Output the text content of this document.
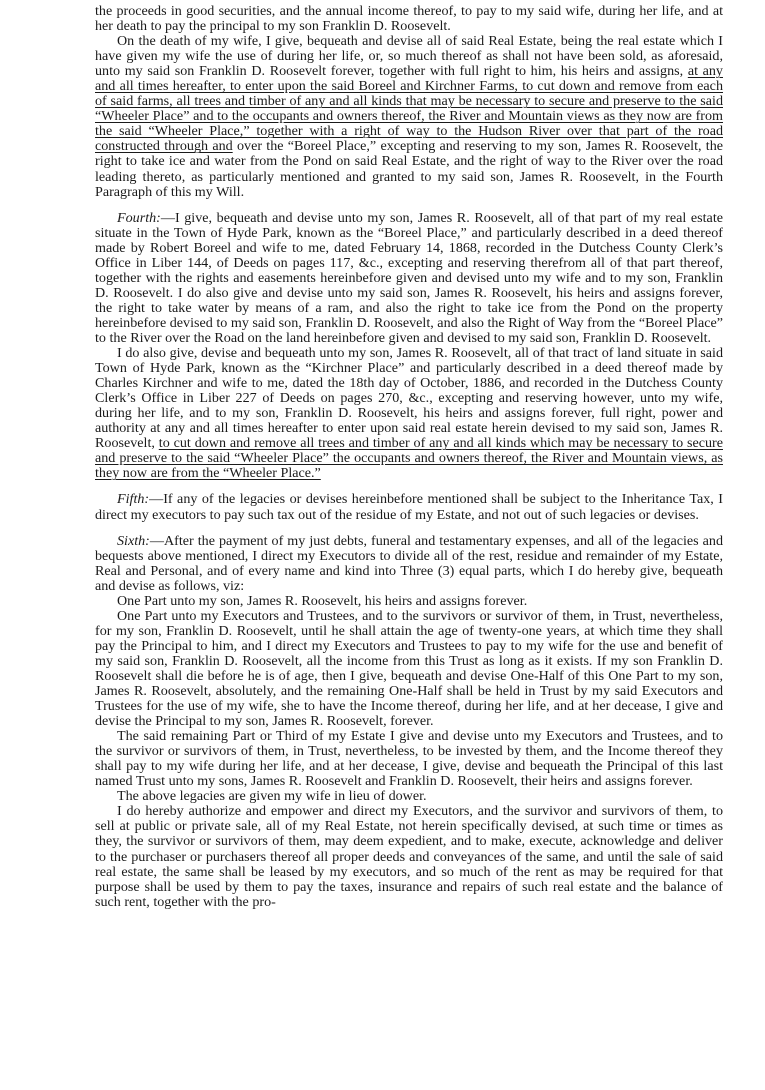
the proceeds in good securities, and the annual income thereof, to pay to my said wife, during her life, and at her death to pay the principal to my son Franklin D. Roosevelt.

On the death of my wife, I give, bequeath and devise all of said Real Estate, being the real estate which I have given my wife the use of during her life, or, so much thereof as shall not have been sold, as aforesaid, unto my said son Franklin D. Roosevelt forever, together with full right to him, his heirs and assigns, at any and all times hereafter, to enter upon the said Boreel and Kirchner Farms, to cut down and remove from each of said farms, all trees and timber of any and all kinds that may be necessary to secure and preserve to the said “Wheeler Place” and to the occupants and owners thereof, the River and Mountain views as they now are from the said “Wheeler Place,” together with a right of way to the Hudson River over that part of the road constructed through and over the “Boreel Place,” excepting and reserving to my son, James R. Roosevelt, the right to take ice and water from the Pond on said Real Estate, and the right of way to the River over the road leading thereto, as particularly mentioned and granted to my said son, James R. Roosevelt, in the Fourth Paragraph of this my Will.

Fourth:—I give, bequeath and devise unto my son, James R. Roosevelt, all of that part of my real estate situate in the Town of Hyde Park, known as the “Boreel Place,” and particularly described in a deed thereof made by Robert Boreel and wife to me, dated February 14, 1868, recorded in the Dutchess County Clerk’s Office in Liber 144, of Deeds on pages 117, &c., excepting and reserving therefrom all of that part thereof, together with the rights and easements hereinbefore given and devised unto my wife and to my son, Franklin D. Roosevelt. I do also give and devise unto my said son, James R. Roosevelt, his heirs and assigns forever, the right to take water by means of a ram, and also the right to take ice from the Pond on the property hereinbefore devised to my said son, Franklin D. Roosevelt, and also the Right of Way from the “Boreel Place” to the River over the Road on the land hereinbefore given and devised to my said son, Franklin D. Roosevelt.

I do also give, devise and bequeath unto my son, James R. Roosevelt, all of that tract of land situate in said Town of Hyde Park, known as the “Kirchner Place” and particularly described in a deed thereof made by Charles Kirchner and wife to me, dated the 18th day of October, 1886, and recorded in the Dutchess County Clerk’s Office in Liber 227 of Deeds on pages 270, &c., excepting and reserving however, unto my wife, during her life, and to my son, Franklin D. Roosevelt, his heirs and assigns forever, full right, power and authority at any and all times hereafter to enter upon said real estate herein devised to my said son, James R. Roosevelt, to cut down and remove all trees and timber of any and all kinds which may be necessary to secure and preserve to the said “Wheeler Place” the occupants and owners thereof, the River and Mountain views, as they now are from the “Wheeler Place.”

Fifth:—If any of the legacies or devises hereinbefore mentioned shall be subject to the Inheritance Tax, I direct my executors to pay such tax out of the residue of my Estate, and not out of such legacies or devises.

Sixth:—After the payment of my just debts, funeral and testamentary expenses, and all of the legacies and bequests above mentioned, I direct my Executors to divide all of the rest, residue and remainder of my Estate, Real and Personal, and of every name and kind into Three (3) equal parts, which I do hereby give, bequeath and devise as follows, viz:

One Part unto my son, James R. Roosevelt, his heirs and assigns forever.

One Part unto my Executors and Trustees, and to the survivors or survivor of them, in Trust, nevertheless, for my son, Franklin D. Roosevelt, until he shall attain the age of twenty-one years, at which time they shall pay the Principal to him, and I direct my Executors and Trustees to pay to my wife for the use and benefit of my said son, Franklin D. Roosevelt, all the income from this Trust as long as it exists. If my son Franklin D. Roosevelt shall die before he is of age, then I give, bequeath and devise One-Half of this One Part to my son, James R. Roosevelt, absolutely, and the remaining One-Half shall be held in Trust by my said Executors and Trustees for the use of my wife, she to have the Income thereof, during her life, and at her decease, I give and devise the Principal to my son, James R. Roosevelt, forever.

The said remaining Part or Third of my Estate I give and devise unto my Executors and Trustees, and to the survivor or survivors of them, in Trust, nevertheless, to be invested by them, and the Income thereof they shall pay to my wife during her life, and at her decease, I give, devise and bequeath the Principal of this last named Trust unto my sons, James R. Roosevelt and Franklin D. Roosevelt, their heirs and assigns forever.

The above legacies are given my wife in lieu of dower.

I do hereby authorize and empower and direct my Executors, and the survivor and survivors of them, to sell at public or private sale, all of my Real Estate, not herein specifically devised, at such time or times as they, the survivor or survivors of them, may deem expedient, and to make, execute, acknowledge and deliver to the purchaser or purchasers thereof all proper deeds and conveyances of the same, and until the sale of said real estate, the same shall be leased by my executors, and so much of the rent as may be required for that purpose shall be used by them to pay the taxes, insurance and repairs of such real estate and the balance of such rent, together with the pro-
